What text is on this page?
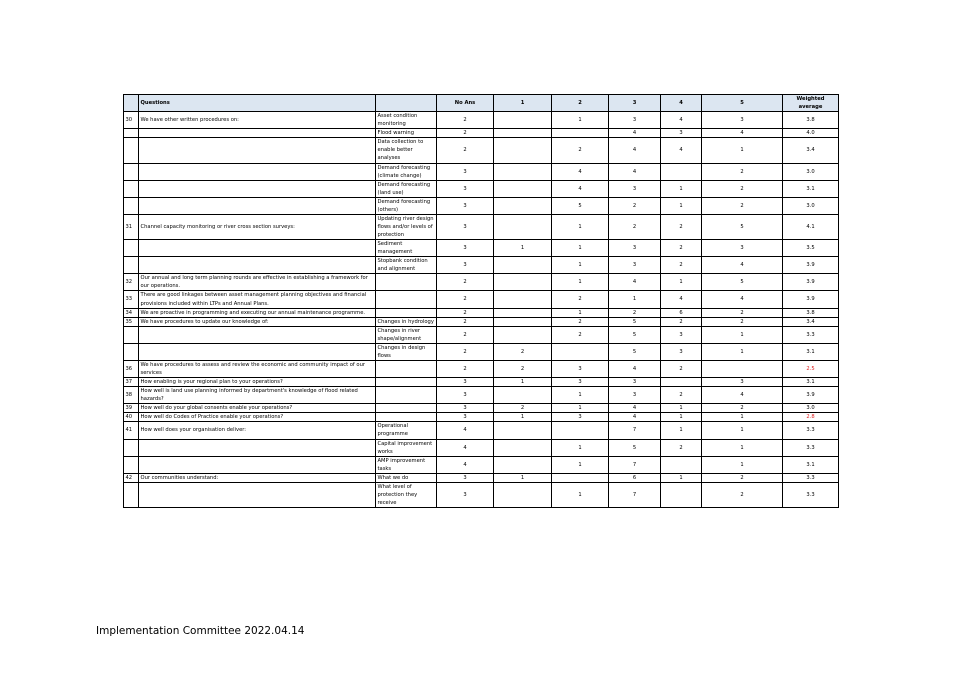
	Questions		No Ans	1	2	3	4	5	Weighted average
30	We have other written procedures on:	Asset condition monitoring	2		1	3	4	3	3.8
		Flood warning	2			4	3	4	4.0
		Data collection to enable better analyses	2		2	4	4	1	3.4
		Demand forecasting (climate change)	3		4	4		2	3.0
		Demand forecasting (land use)	3		4	3	1	2	3.1
		Demand forecasting (others)	3		5	2	1	2	3.0
31	Channel capacity monitoring or river cross section surveys:	Updating river design flows and/or levels of protection	3		1	2	2	5	4.1
		Sediment management	3	1	1	3	2	3	3.5
		Stopbank condition and alignment	3		1	3	2	4	3.9
32	Our annual and long term planning rounds are effective in establishing a framework for our operations.		2		1	4	1	5	3.9
33	There are good linkages between asset management planning objectives and financial provisions included within LTPs and Annual Plans.		2		2	1	4	4	3.9
34	We are proactive in programming and executing our annual maintenance programme.		2		1	2	6	2	3.8
35	We have procedures to update our knowledge of:	Changes in hydrology	2		2	5	2	2	3.4
		Changes in river shape/alignment	2		2	5	3	1	3.3
		Changes in design flows	2	2		5	3	1	3.1
36	We have procedures to assess and review the economic and community impact of our services		2	2	3	4	2		2.5
37	How enabling is your regional plan to your operations?		3	1	3	3		3	3.1
38	How well is land use planning informed by department's knowledge of flood related hazards?		3		1	3	2	4	3.9
39	How well do your global consents enable your operations?		3	2	1	4	1	2	3.0
40	How well do Codes of Practice enable your operations?		3	1	3	4	1	1	2.8
41	How well does your organisation deliver:	Operational programme	4			7	1	1	3.3
		Capital improvement works	4		1	5	2	1	3.3
		AMP improvement tasks	4		1	7		1	3.1
42	Our communities understand:	What we do	3	1		6	1	2	3.3
		What level of protection they receive	3		1	7		2	3.3
Implementation Committee 2022.04.14
